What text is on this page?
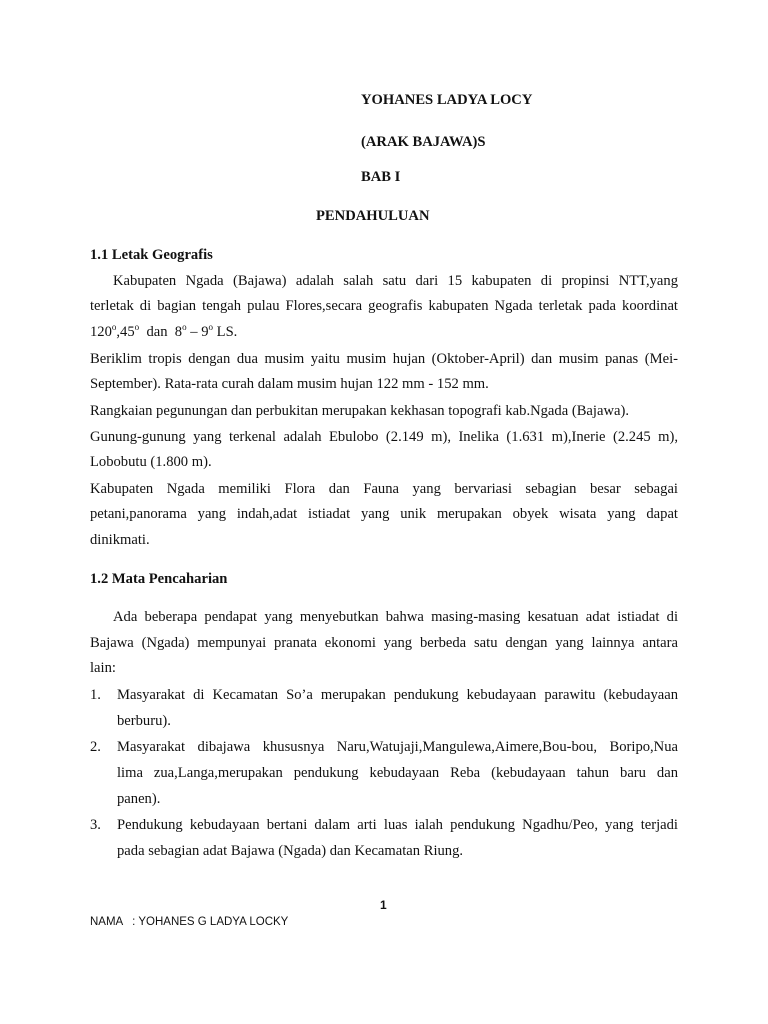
YOHANES LADYA LOCY
(ARAK BAJAWA)S
BAB I
PENDAHULUAN
1.1 Letak Geografis
Kabupaten Ngada (Bajawa) adalah salah satu dari 15 kabupaten di propinsi NTT,yang
terletak di bagian tengah pulau Flores,secara geografis kabupaten Ngada terletak pada koordinat
120$^o$,45$^o$  dan  8$^o$ – 9$^o$ LS.
Beriklim tropis dengan dua musim yaitu musim hujan (Oktober-April) dan musim panas (Mei-
September). Rata-rata curah dalam musim hujan 122 mm - 152 mm.
Rangkaian pegunungan dan perbukitan merupakan kekhasan topografi kab.Ngada (Bajawa).
Gunung-gunung yang terkenal adalah Ebulobo (2.149 m), Inelika (1.631 m),Inerie (2.245 m),
Lobobutu (1.800 m).
Kabupaten Ngada memiliki Flora dan Fauna yang bervariasi sebagian besar sebagai
petani,panorama yang indah,adat istiadat yang unik merupakan obyek wisata yang dapat
dinikmati.
1.2 Mata Pencaharian
Ada beberapa pendapat yang menyebutkan bahwa masing-masing kesatuan adat istiadat di
Bajawa (Ngada) mempunyai pranata ekonomi yang berbeda satu dengan yang lainnya antara
lain:
1. Masyarakat di Kecamatan So’a merupakan pendukung kebudayaan parawitu (kebudayaan
berburu).
2. Masyarakat dibajawa khususnya Naru,Watujaji,Mangulewa,Aimere,Bou-bou, Boripo,Nua
lima zua,Langa,merupakan pendukung kebudayaan Reba (kebudayaan tahun baru dan
panen).
3. Pendukung kebudayaan bertani dalam arti luas ialah pendukung Ngadhu/Peo, yang terjadi
pada sebagian adat Bajawa (Ngada) dan Kecamatan Riung.
1
NAMA   : YOHANES G LADYA LOCKY
